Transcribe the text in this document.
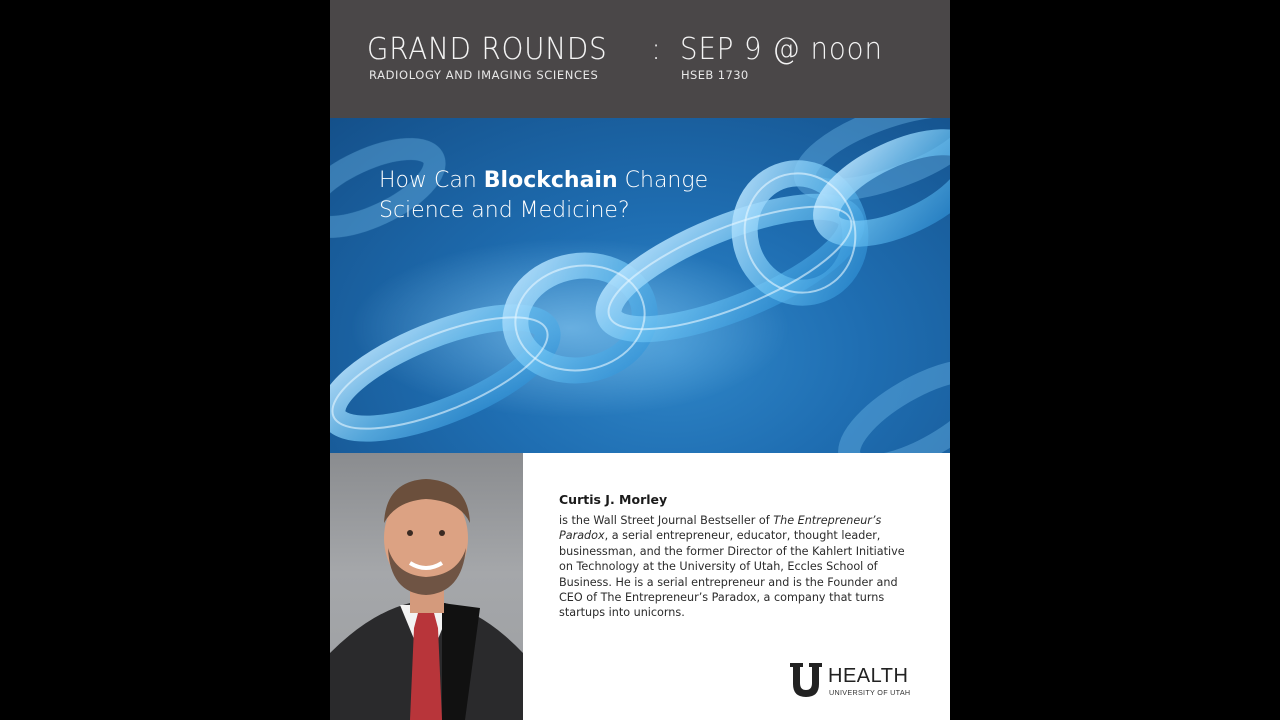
GRAND ROUNDS
RADIOLOGY AND IMAGING SCIENCES
: SEP 9 @ noon
HSEB 1730
How Can Blockchain Change
Science and Medicine?
Curtis J. Morley
is the Wall Street Journal Bestseller of The Entrepreneur’s Paradox, a serial entrepreneur, educator, thought leader, businessman, and the former Director of the Kahlert Initiative on Technology at the University of Utah, Eccles School of Business. He is a serial entrepreneur and is the Founder and CEO of The Entrepreneur’s Paradox, a company that turns startups into unicorns.
HEALTH
UNIVERSITY OF UTAH
